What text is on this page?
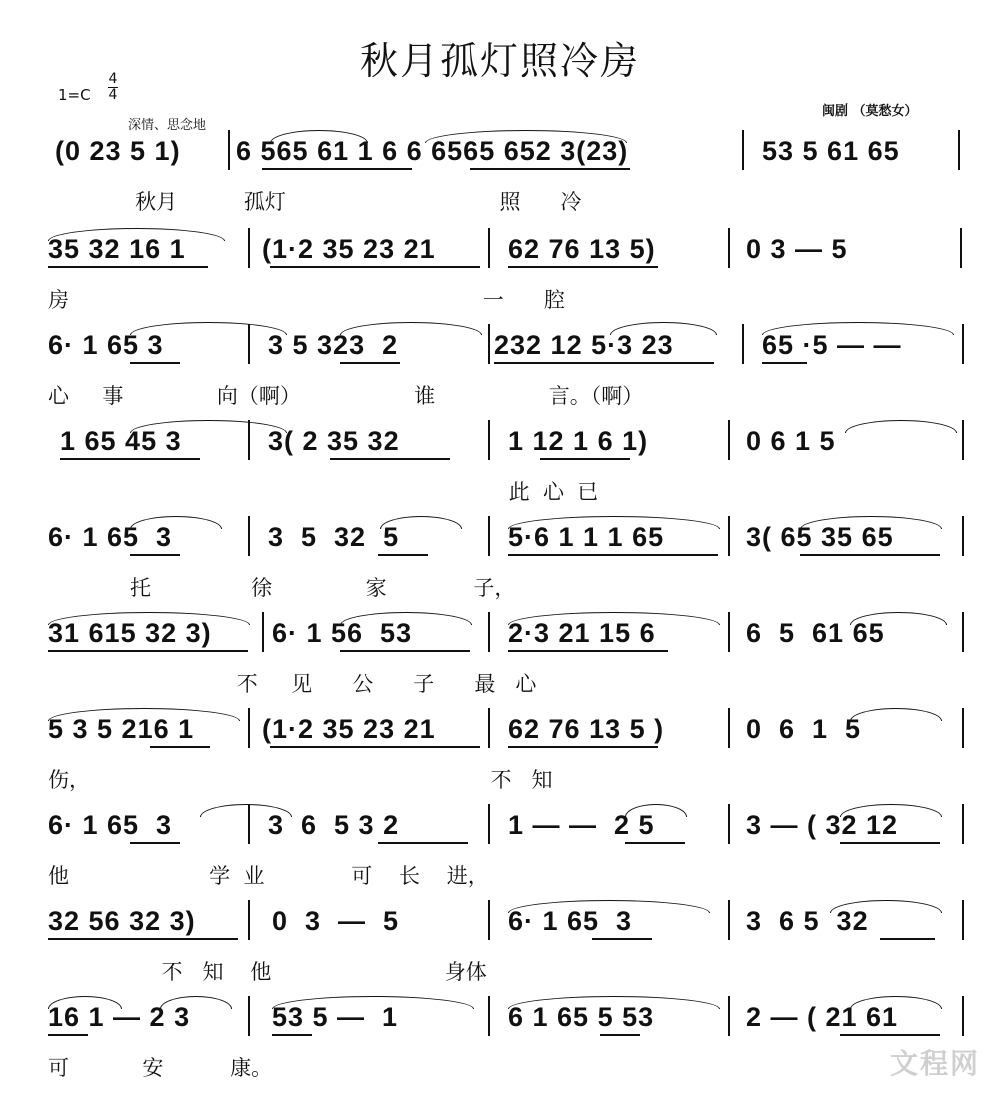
秋月孤灯照冷房
1=C
4
4
深情、思念地
闽剧 （莫愁女）
(0 23 5 1) 6 565 61 1 6 6 6565 652 3(23)	53 5 61 65
秋月          孤灯                                照      冷
35 32 16 1	(1·2 35 23 21	62 76 13 5)	0 3 — 5
房                                                              一      腔
6· 1 65 3	3 5 323  2	232 12 5·3 23	65 ·5 — —
心     事              向（啊）                 谁                 言。（啊）
1 65 45 3	3( 2 35 32	1 12 1 6 1)	0 6 1 5
此  心  已
6· 1 65  3	3  5  32  5	5·6 1 1 1 65	3( 65 35 65
托               徐              家             子，
31 615 32 3) 6· 1 56  53	2·3 21 15 6	6  5  61 65
不     见      公      子      最   心
5 3 5 216 1	(1·2 35 23 21	62 76 13 5 )	0  6  1  5
伤，                                                            不   知
6· 1 65  3	3  6  5 3 2	1 — —  2 5	3 — ( 32 12
他                     学  业             可    长    进，
32 56 32 3)	0  3  —  5	6· 1 65  3	3  6 5  32
不   知    他                          身体
16 1 — 2 3	53 5 —  1	6 1 65 5 53	2 — ( 21 61
可           安          康。	文程网
